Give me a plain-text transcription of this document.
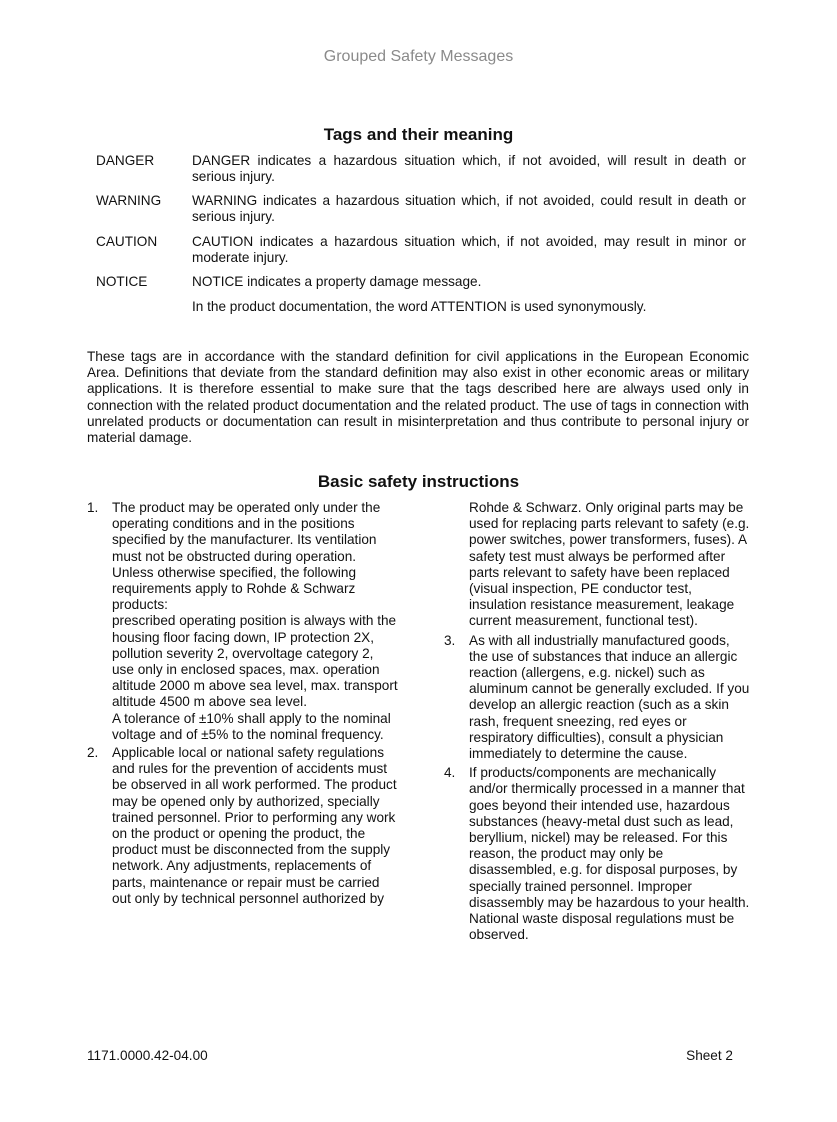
Grouped Safety Messages
Tags and their meaning
DANGER	DANGER indicates a hazardous situation which, if not avoided, will result in death or serious injury.
WARNING	WARNING indicates a hazardous situation which, if not avoided, could result in death or serious injury.
CAUTION	CAUTION indicates a hazardous situation which, if not avoided, may result in minor or moderate injury.
NOTICE	NOTICE indicates a property damage message.
In the product documentation, the word ATTENTION is used synonymously.
These tags are in accordance with the standard definition for civil applications in the European Economic Area. Definitions that deviate from the standard definition may also exist in other economic areas or military applications. It is therefore essential to make sure that the tags described here are always used only in connection with the related product documentation and the related product. The use of tags in connection with unrelated products or documentation can result in misinterpretation and thus contribute to personal injury or material damage.
Basic safety instructions
1.	The product may be operated only under the operating conditions and in the positions specified by the manufacturer. Its ventilation must not be obstructed during operation. Unless otherwise specified, the following requirements apply to Rohde & Schwarz products:
prescribed operating position is always with the housing floor facing down, IP protection 2X, pollution severity 2, overvoltage category 2, use only in enclosed spaces, max. operation altitude 2000 m above sea level, max. transport altitude 4500 m above sea level.
A tolerance of ±10% shall apply to the nominal voltage and of ±5% to the nominal frequency.
2.	Applicable local or national safety regulations and rules for the prevention of accidents must be observed in all work performed. The product may be opened only by authorized, specially trained personnel. Prior to performing any work on the product or opening the product, the product must be disconnected from the supply network. Any adjustments, replacements of parts, maintenance or repair must be carried out only by technical personnel authorized by
Rohde & Schwarz. Only original parts may be used for replacing parts relevant to safety (e.g. power switches, power transformers, fuses). A safety test must always be performed after parts relevant to safety have been replaced (visual inspection, PE conductor test, insulation resistance measurement, leakage current measurement, functional test).
3.	As with all industrially manufactured goods, the use of substances that induce an allergic reaction (allergens, e.g. nickel) such as aluminum cannot be generally excluded. If you develop an allergic reaction (such as a skin rash, frequent sneezing, red eyes or respiratory difficulties), consult a physician immediately to determine the cause.
4.	If products/components are mechanically and/or thermically processed in a manner that goes beyond their intended use, hazardous substances (heavy-metal dust such as lead, beryllium, nickel) may be released. For this reason, the product may only be disassembled, e.g. for disposal purposes, by specially trained personnel. Improper disassembly may be hazardous to your health. National waste disposal regulations must be observed.
1171.0000.42-04.00	Sheet 2
